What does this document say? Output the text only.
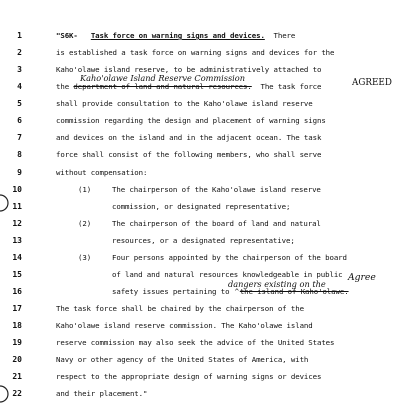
1
2
3
4
5
6
7
8
9
10
11
12
13
14
15
16
17
18
19
20
21
22
"S6K- Task force on warning signs and devices. There
is established a task force on warning signs and devices for the
Kaho'olawe island reserve, to be administratively attached to
Kaho'olawe Island Reserve Commission
the department of land and natural resources. The task force	AGREED
shall provide consultation to the Kaho'olawe island reserve
commission regarding the design and placement of warning signs
and devices on the island and in the adjacent ocean. The task
force shall consist of the following members, who shall serve
without compensation:
(1)	The chairperson of the Kaho'olawe island reserve
commission, or designated representative;
(2)	The chairperson of the board of land and natural
resources, or a designated representative;
(3)	Four persons appointed by the chairperson of the board
of land and natural resources knowledgeable in public
dangers existing on the
Agree
safety issues pertaining to ^the island of Kaho'olawe.
The task force shall be chaired by the chairperson of the
Kaho'olawe island reserve commission. The Kaho'olawe island
reserve commission may also seek the advice of the United States
Navy or other agency of the United States of America, with
respect to the appropriate design of warning signs or devices
and their placement."
